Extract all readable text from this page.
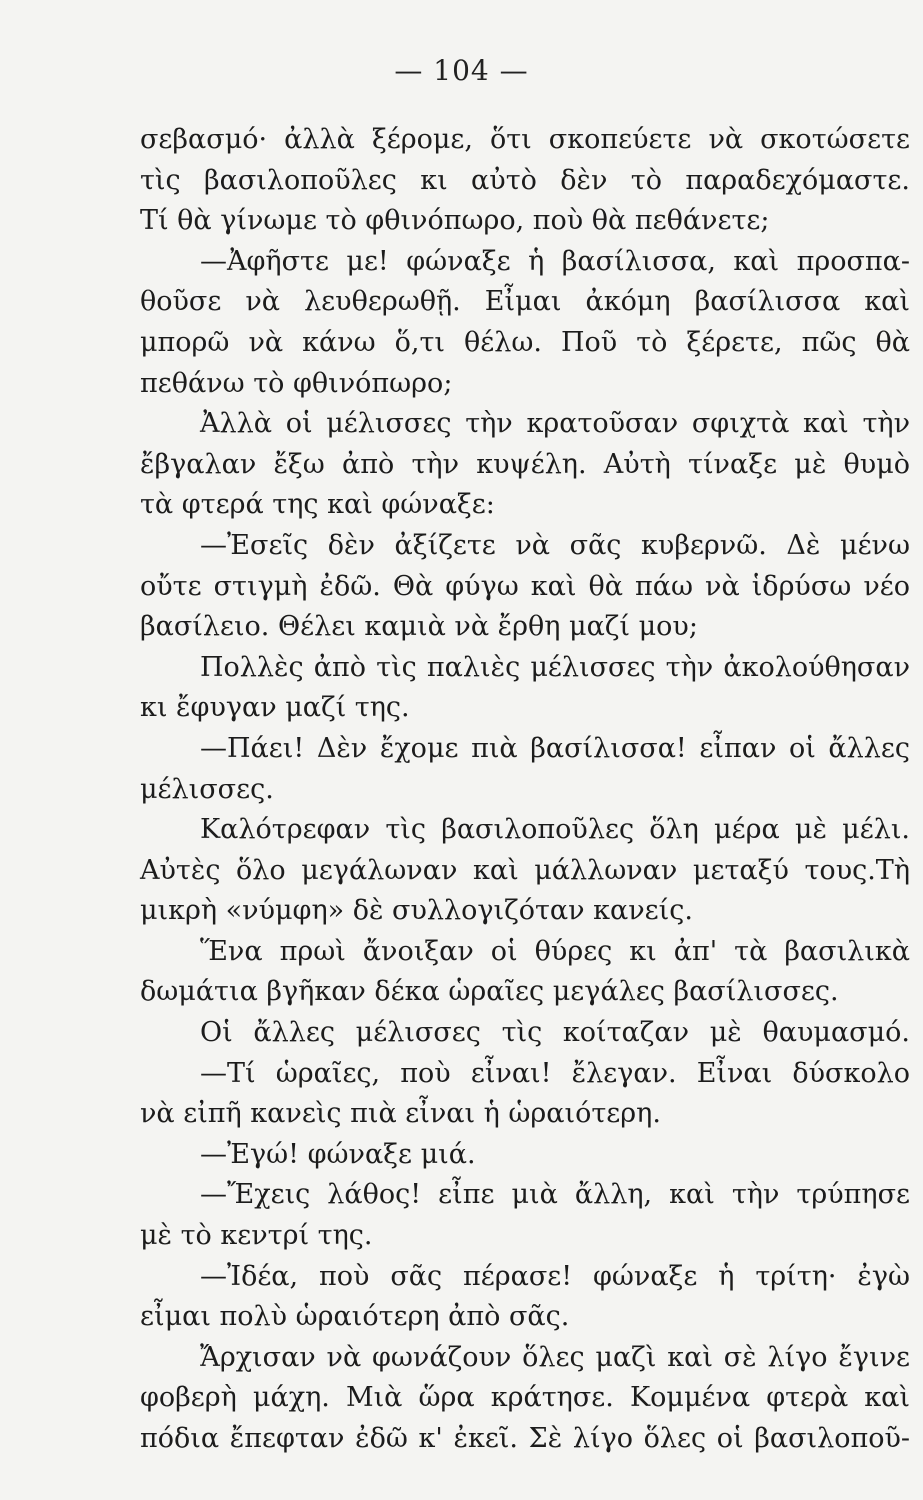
— 104 —
σεβασμό· ἀλλὰ ξέρομε, ὅτι σκοπεύετε νὰ σκοτώσετε
τὶς βασιλοποῦλες κι αὐτὸ δὲν τὸ παραδεχόμαστε.
Τί θὰ γίνωμε τὸ φθινόπωρο, ποὺ θὰ πεθάνετε;
—Ἀφῆστε με! φώναξε ἡ βασίλισσα, καὶ προσπα-
θοῦσε νὰ λευθερωθῇ. Εἶμαι ἀκόμη βασίλισσα καὶ
μπορῶ νὰ κάνω ὅ,τι θέλω. Ποῦ τὸ ξέρετε, πῶς θὰ
πεθάνω τὸ φθινόπωρο;
Ἀλλὰ οἱ μέλισσες τὴν κρατοῦσαν σφιχτὰ καὶ τὴν
ἔβγαλαν ἔξω ἀπὸ τὴν κυψέλη. Αὐτὴ τίναξε μὲ θυμὸ
τὰ φτερά της καὶ φώναξε:
—Ἐσεῖς δὲν ἀξίζετε νὰ σᾶς κυβερνῶ. Δὲ μένω
οὔτε στιγμὴ ἐδῶ. Θὰ φύγω καὶ θὰ πάω νὰ ἱδρύσω νέο
βασίλειο. Θέλει καμιὰ νὰ ἔρθη μαζί μου;
Πολλὲς ἀπὸ τὶς παλιὲς μέλισσες τὴν ἀκολούθησαν
κι ἔφυγαν μαζί της.
—Πάει! Δὲν ἔχομε πιὰ βασίλισσα! εἶπαν οἱ ἄλλες
μέλισσες.
Καλότρεφαν τὶς βασιλοποῦλες ὅλη μέρα μὲ μέλι.
Αὐτὲς ὅλο μεγάλωναν καὶ μάλλωναν μεταξύ τους.Τὴ
μικρὴ «νύμφη» δὲ συλλογιζόταν κανείς.
Ἕνα πρωὶ ἄνοιξαν οἱ θύρες κι ἀπ' τὰ βασιλικὰ
δωμάτια βγῆκαν δέκα ὡραῖες μεγάλες βασίλισσες.
Οἱ ἄλλες μέλισσες τὶς κοίταζαν μὲ θαυμασμό.
—Τί ὡραῖες, ποὺ εἶναι! ἔλεγαν. Εἶναι δύσκολο
νὰ εἰπῆ κανεὶς πιὰ εἶναι ἡ ὡραιότερη.
—Ἐγώ! φώναξε μιά.
—Ἔχεις λάθος! εἶπε μιὰ ἄλλη, καὶ τὴν τρύπησε
μὲ τὸ κεντρί της.
—Ἰδέα, ποὺ σᾶς πέρασε! φώναξε ἡ τρίτη· ἐγὼ
εἶμαι πολὺ ὡραιότερη ἀπὸ σᾶς.
Ἄρχισαν νὰ φωνάζουν ὅλες μαζὶ καὶ σὲ λίγο ἔγινε
φοβερὴ μάχη. Μιὰ ὥρα κράτησε. Κομμένα φτερὰ καὶ
πόδια ἔπεφταν ἐδῶ κ' ἐκεῖ. Σὲ λίγο ὅλες οἱ βασιλοποῦ-
